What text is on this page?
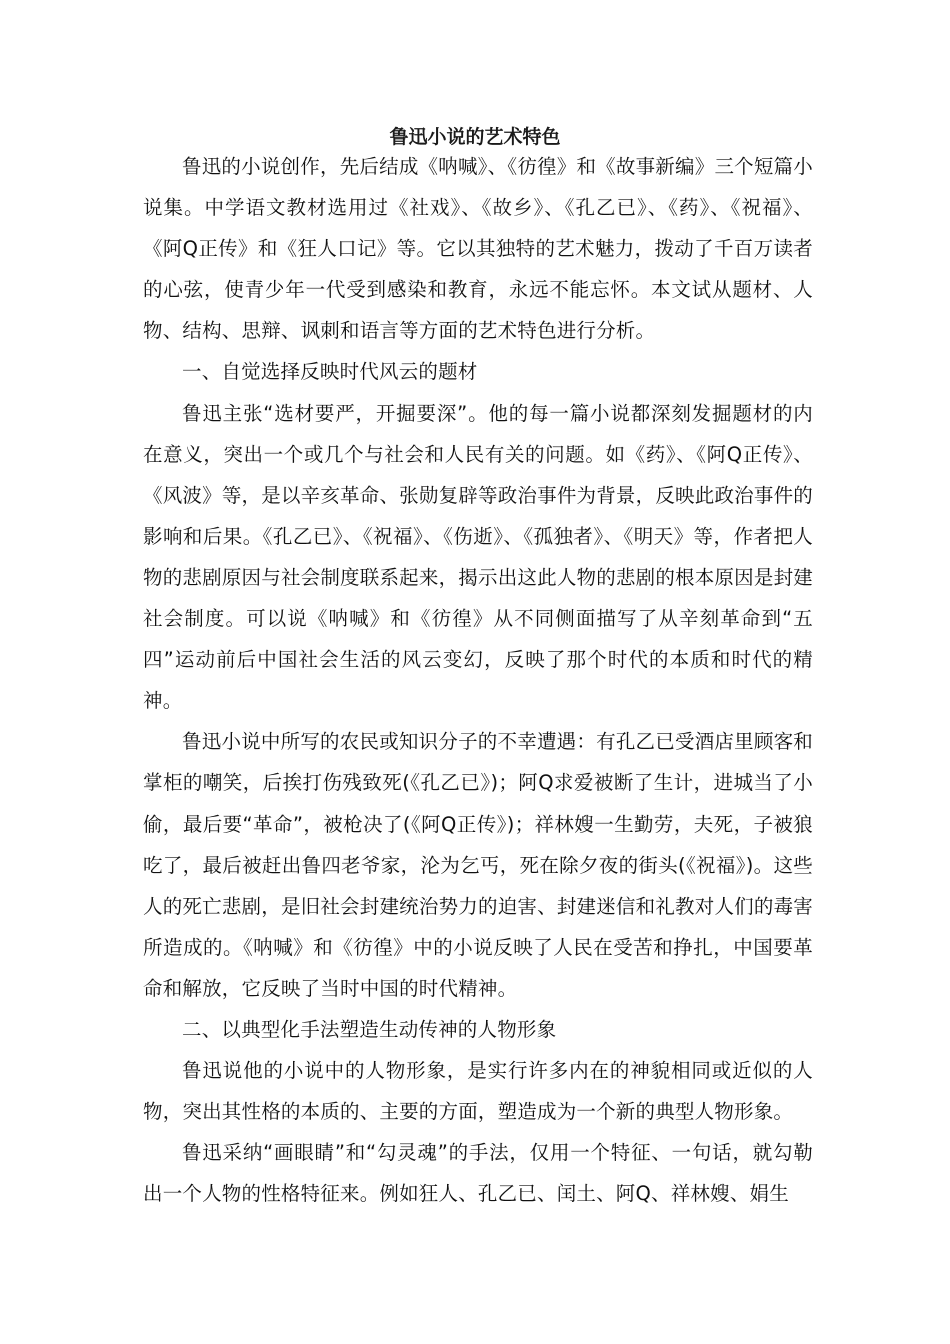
鲁迅小说的艺术特色

鲁迅的小说创作，先后结成《呐喊》、《彷徨》和《故事新编》三个短篇小说集。中学语文教材选用过《社戏》、《故乡》、《孔乙已》、《药》、《祝福》、《阿Q正传》和《狂人口记》等。它以其独特的艺术魅力，拨动了千百万读者的心弦，使青少年一代受到感染和教育，永远不能忘怀。本文试从题材、人物、结构、思辩、讽刺和语言等方面的艺术特色进行分析。

一、自觉选择反映时代风云的题材

鲁迅主张“选材要严，开掘要深”。他的每一篇小说都深刻发掘题材的内在意义，突出一个或几个与社会和人民有关的问题。如《药》、《阿Q正传》、《风波》等，是以辛亥革命、张勋复辟等政治事件为背景，反映此政治事件的影响和后果。《孔乙已》、《祝福》、《伤逝》、《孤独者》、《明天》等，作者把人物的悲剧原因与社会制度联系起来，揭示出这此人物的悲剧的根本原因是封建社会制度。可以说《呐喊》和《彷徨》从不同侧面描写了从辛刻革命到“五四”运动前后中国社会生活的风云变幻，反映了那个时代的本质和时代的精神。

鲁迅小说中所写的农民或知识分子的不幸遭遇：有孔乙已受酒店里顾客和掌柜的嘲笑，后挨打伤残致死(《孔乙已》)；阿Q求爱被断了生计，进城当了小偷，最后要“革命”，被枪决了(《阿Q正传》)；祥林嫂一生勤劳，夫死，子被狼吃了，最后被赶出鲁四老爷家，沦为乞丐，死在除夕夜的街头(《祝福》)。这些人的死亡悲剧，是旧社会封建统治势力的迫害、封建迷信和礼教对人们的毒害所造成的。《呐喊》和《彷徨》中的小说反映了人民在受苦和挣扎，中国要革命和解放，它反映了当时中国的时代精神。

二、以典型化手法塑造生动传神的人物形象

鲁迅说他的小说中的人物形象，是实行许多内在的神貌相同或近似的人物，突出其性格的本质的、主要的方面，塑造成为一个新的典型人物形象。

鲁迅采纳“画眼睛”和“勾灵魂”的手法，仅用一个特征、一句话，就勾勒出一个人物的性格特征来。例如狂人、孔乙已、闰土、阿Q、祥林嫂、娟生
